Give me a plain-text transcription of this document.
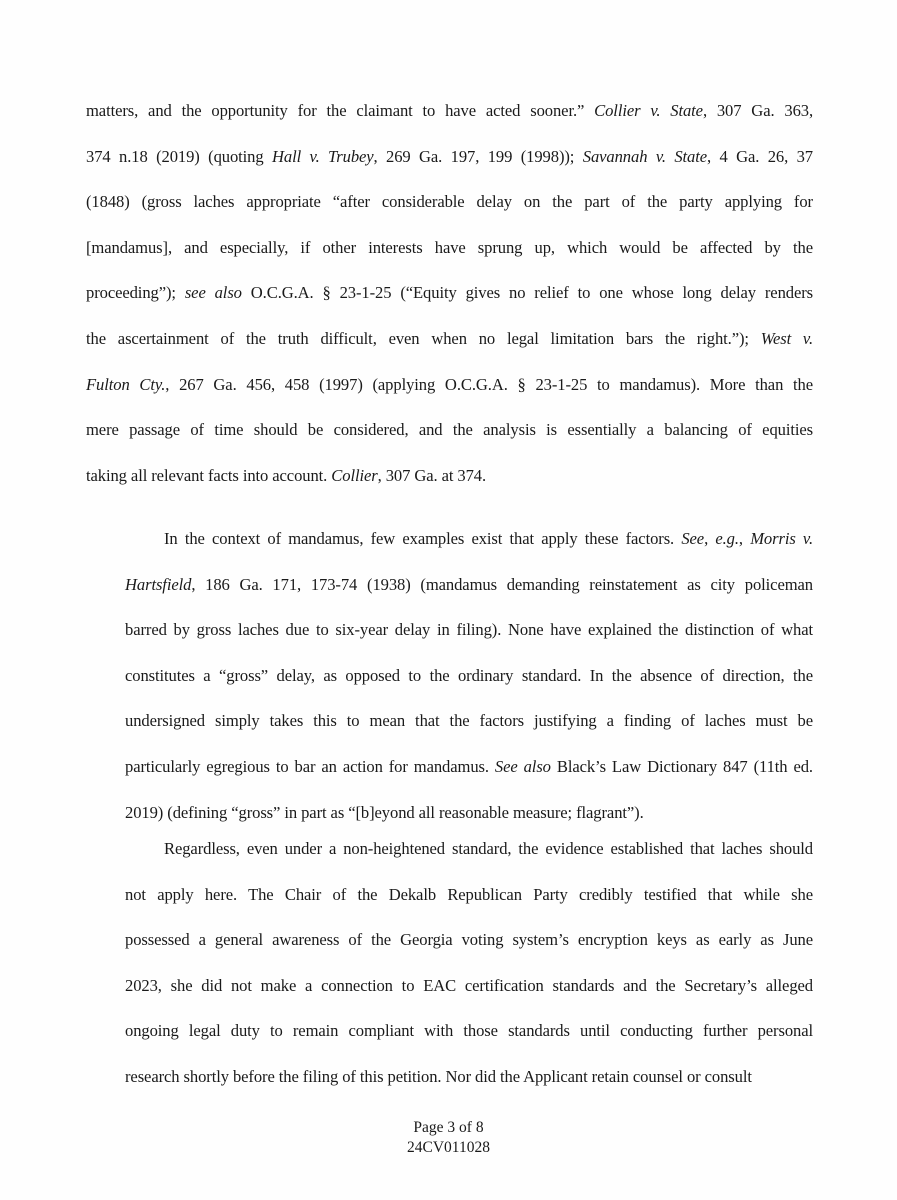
matters, and the opportunity for the claimant to have acted sooner.” Collier v. State, 307 Ga. 363,
374 n.18 (2019) (quoting Hall v. Trubey, 269 Ga. 197, 199 (1998)); Savannah v. State, 4 Ga. 26, 37
(1848) (gross laches appropriate “after considerable delay on the part of the party applying for
[mandamus], and especially, if other interests have sprung up, which would be affected by the
proceeding”); see also O.C.G.A. § 23-1-25 (“Equity gives no relief to one whose long delay renders
the ascertainment of the truth difficult, even when no legal limitation bars the right.”); West v.
Fulton Cty., 267 Ga. 456, 458 (1997) (applying O.C.G.A. § 23-1-25 to mandamus). More than the
mere passage of time should be considered, and the analysis is essentially a balancing of equities
taking all relevant facts into account. Collier, 307 Ga. at 374.
In the context of mandamus, few examples exist that apply these factors. See, e.g., Morris v.
Hartsfield, 186 Ga. 171, 173-74 (1938) (mandamus demanding reinstatement as city policeman
barred by gross laches due to six-year delay in filing). None have explained the distinction of what
constitutes a “gross” delay, as opposed to the ordinary standard. In the absence of direction, the
undersigned simply takes this to mean that the factors justifying a finding of laches must be
particularly egregious to bar an action for mandamus. See also Black’s Law Dictionary 847 (11th ed.
2019) (defining “gross” in part as “[b]eyond all reasonable measure; flagrant”).
Regardless, even under a non-heightened standard, the evidence established that laches should
not apply here. The Chair of the Dekalb Republican Party credibly testified that while she
possessed a general awareness of the Georgia voting system’s encryption keys as early as June
2023, she did not make a connection to EAC certification standards and the Secretary’s alleged
ongoing legal duty to remain compliant with those standards until conducting further personal
research shortly before the filing of this petition. Nor did the Applicant retain counsel or consult
Page 3 of 8
24CV011028
